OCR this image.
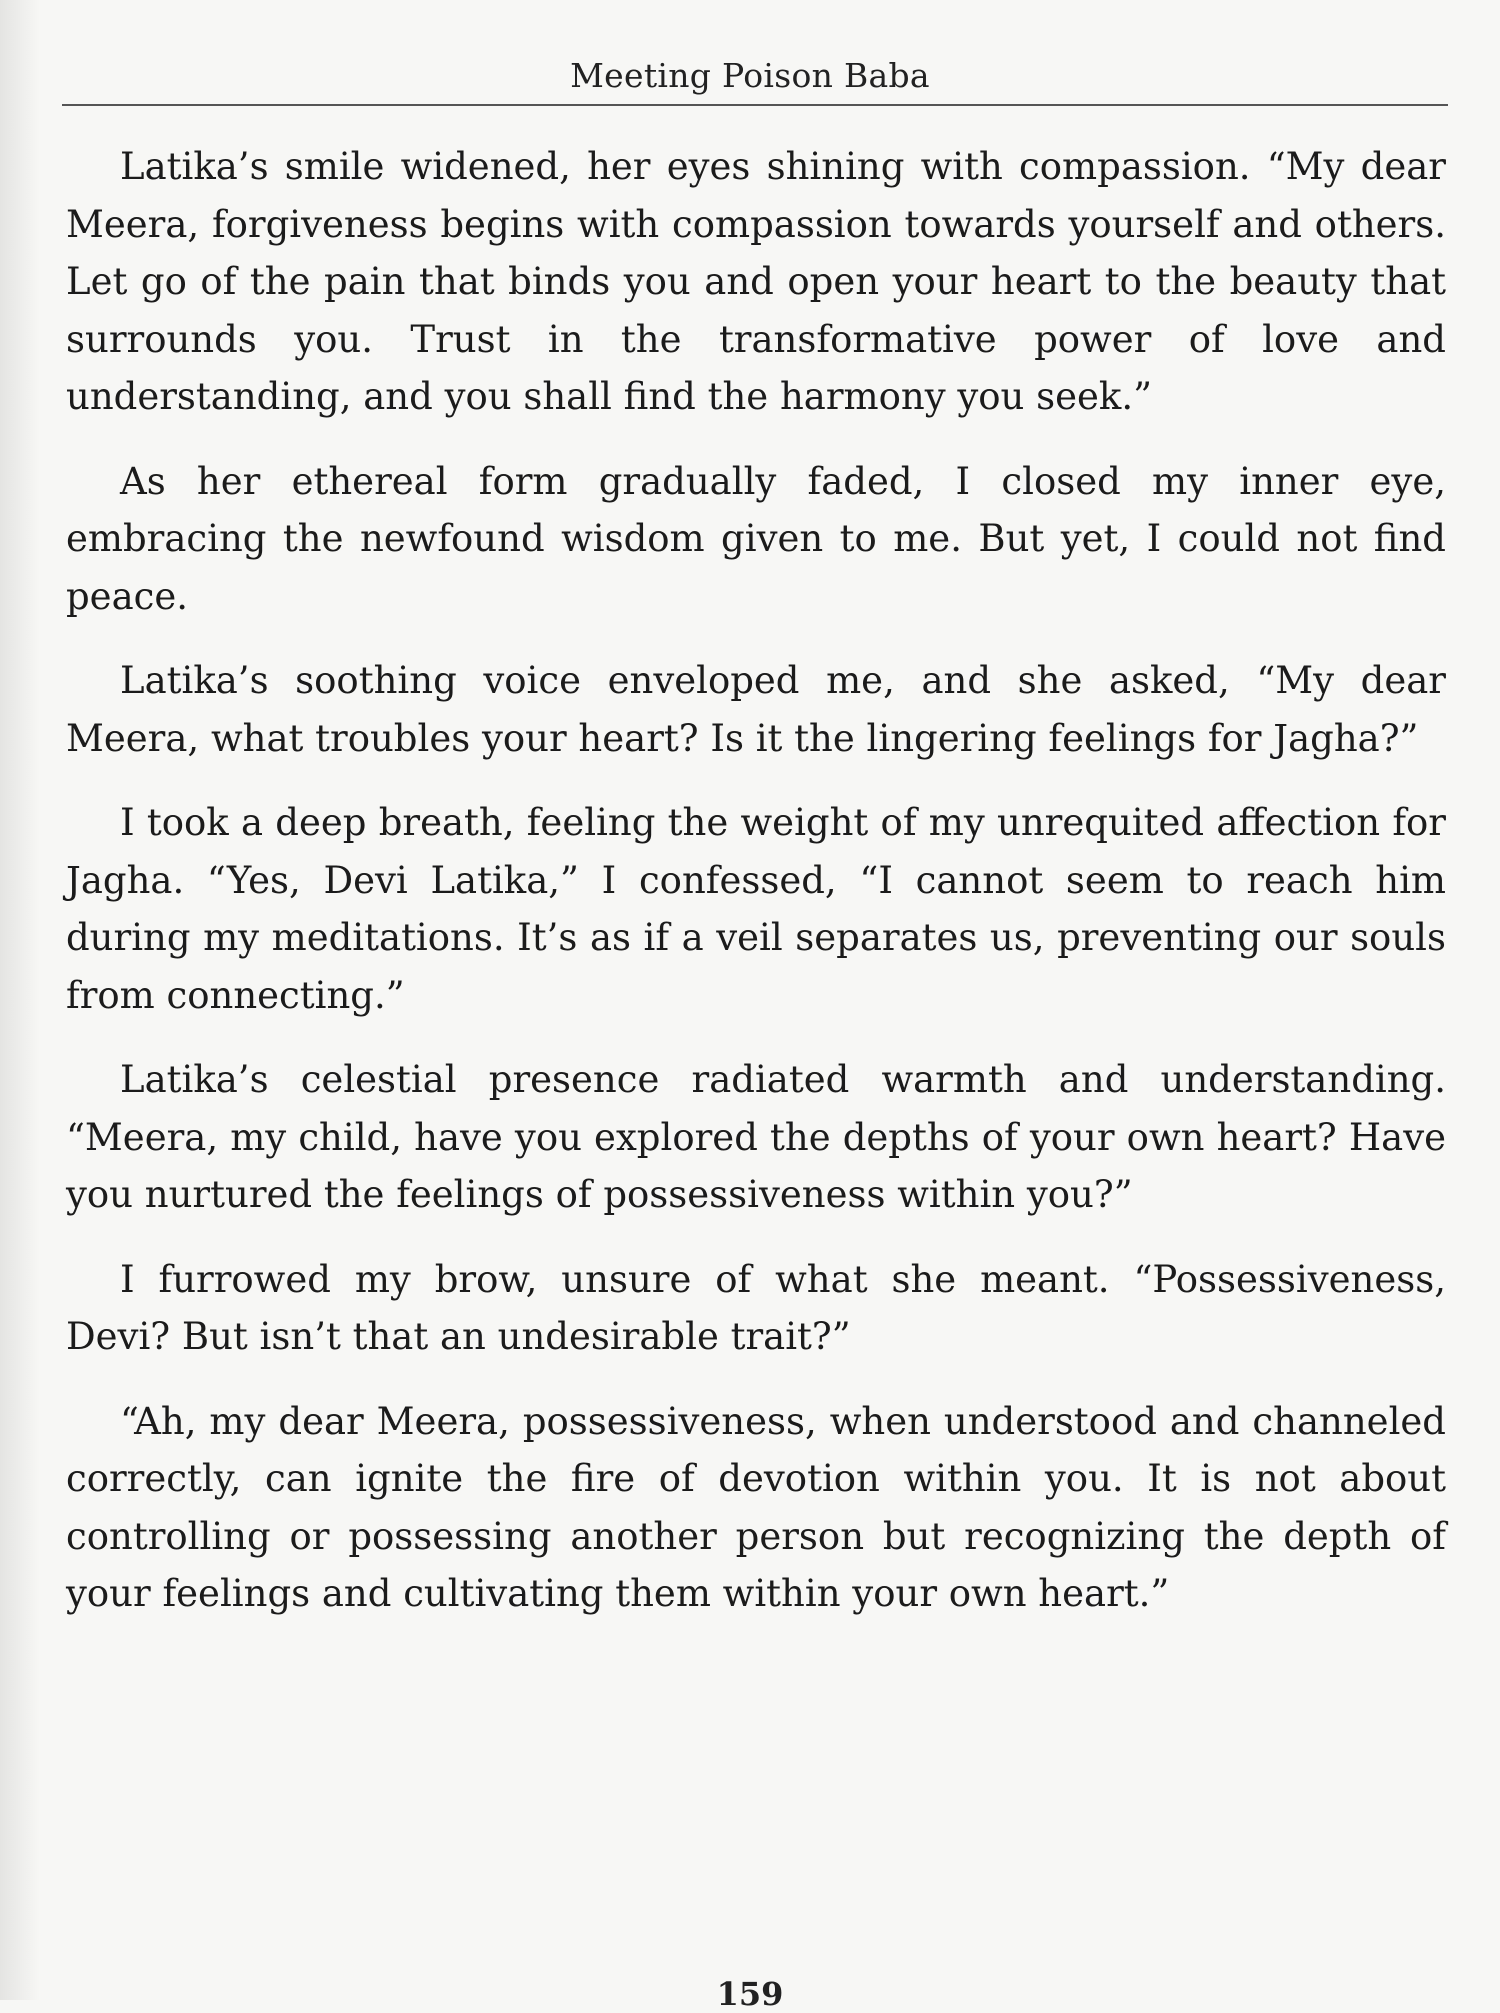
Meeting Poison Baba

Latika’s smile widened, her eyes shining with compassion. “My dear Meera, forgiveness begins with compassion towards yourself and others. Let go of the pain that binds you and open your heart to the beauty that surrounds you. Trust in the transformative power of love and understanding, and you shall find the harmony you seek.”

As her ethereal form gradually faded, I closed my inner eye, embracing the newfound wisdom given to me. But yet, I could not find peace.

Latika’s soothing voice enveloped me, and she asked, “My dear Meera, what troubles your heart? Is it the lingering feelings for Jagha?”

I took a deep breath, feeling the weight of my unrequited affection for Jagha. “Yes, Devi Latika,” I confessed, “I cannot seem to reach him during my meditations. It’s as if a veil separates us, preventing our souls from connecting.”

Latika’s celestial presence radiated warmth and understanding. “Meera, my child, have you explored the depths of your own heart? Have you nurtured the feelings of possessiveness within you?”

I furrowed my brow, unsure of what she meant. “Possessiveness, Devi? But isn’t that an undesirable trait?”

“Ah, my dear Meera, possessiveness, when understood and channeled correctly, can ignite the fire of devotion within you. It is not about controlling or possessing another person but recognizing the depth of your feelings and cultivating them within your own heart.”

159
